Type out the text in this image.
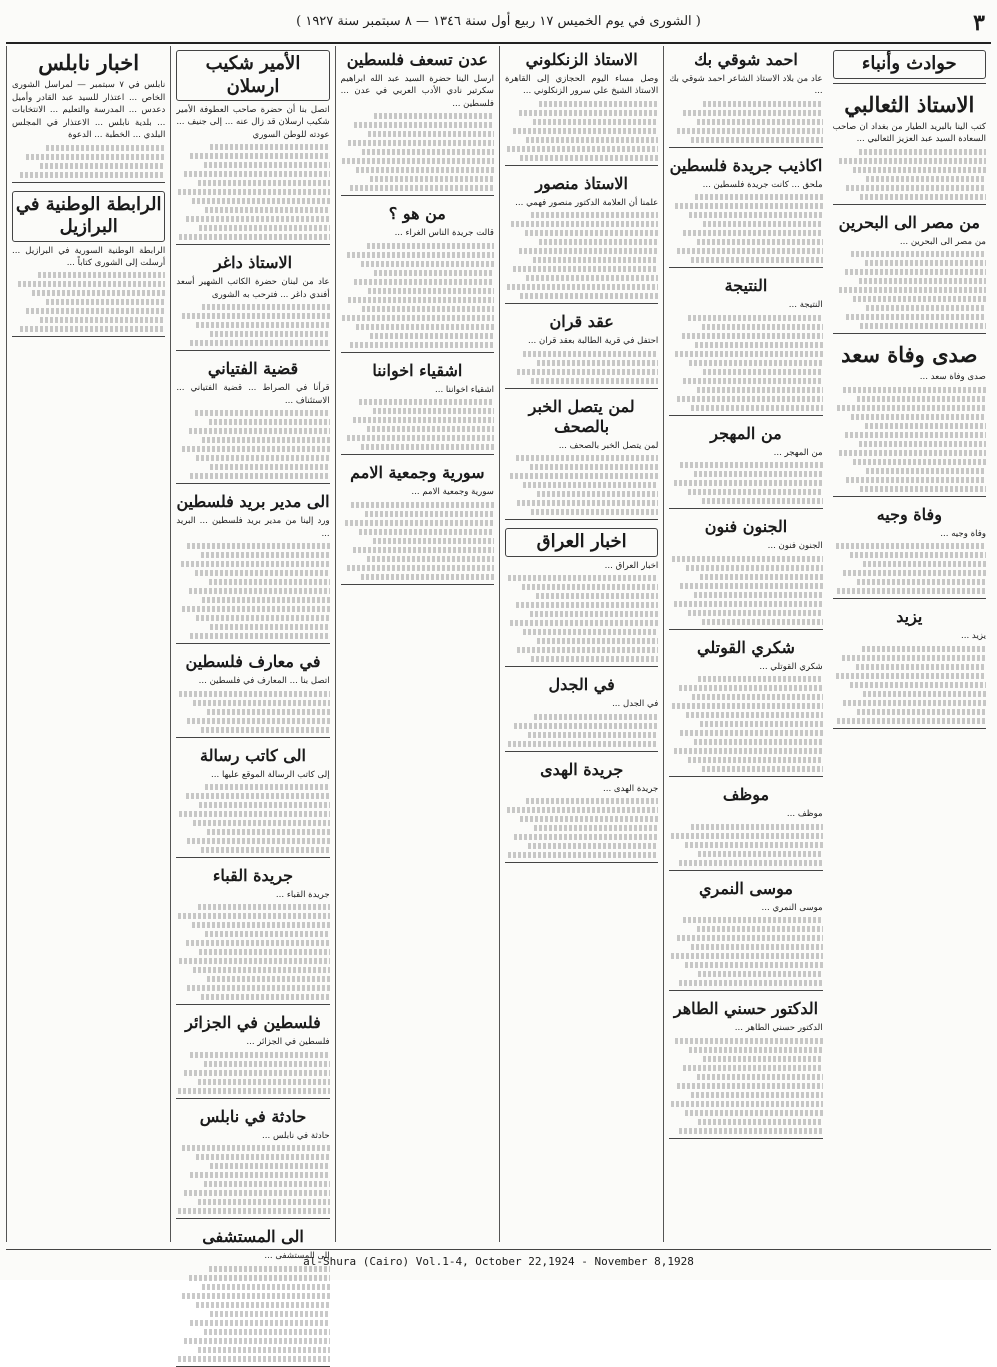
٣
( الشورى في يوم الخميس ١٧ ربيع أول سنة ١٣٤٦ — ٨ سبتمبر سنة ١٩٢٧ )
اخبار نابلس

نابلس في ٧ سبتمبر — لمراسل الشورى الخاص ... اعتذار للسيد عبد القادر وأميل دعدس ... المدرسة والتعليم ... الانتخابات ... بلدية نابلس ... الاعتذار في المجلس البلدي ... الخطبة ... الدعوة

الرابطة الوطنية في البرازيل

الرابطة الوطنية السورية في البرازيل ... أرسلت إلى الشورى كتاباً ...

الأمير شكيب ارسلان

اتصل بنا أن حضرة صاحب العطوفة الأمير شكيب ارسلان قد زال عنه ... إلى جنيف ... عودته للوطن السوري

الاستاذ داغر

عاد من لبنان حضرة الكاتب الشهير أسعد أفندي داغر ... فترحب به الشورى

قضية الفتياني

قرأنا في الصراط ... قضية الفتياني ... الاستئناف ...

الى مدير بريد فلسطين

ورد إلينا من مدير بريد فلسطين ... البريد ...

في معارف فلسطين

اتصل بنا ... المعارف في فلسطين ...

الى كاتب رسالة

إلى كاتب الرسالة الموقع عليها ...

جريدة القباء

جريدة القباء ...

فلسطين في الجزائر

فلسطين في الجزائر ...

حادثة في نابلس

حادثة في نابلس ...

الى المستشفى

إلى المستشفى ...

عدن تسعف فلسطين

ارسل الينا حضرة السيد عبد الله ابراهيم سكرتير نادي الأدب العربي في عدن ... فلسطين ...

من هو ؟

قالت جريدة الناس الغراء ...

اشقياء اخواننا

اشقياء اخواننا ...

سورية وجمعية الامم

سورية وجمعية الامم ...

الاستاذ الزنكلوني

وصل مساء اليوم الحجازي إلى القاهرة الاستاذ الشيخ علي سرور الزنكلوني ...

الاستاذ منصور

علمنا أن العلامة الدكتور منصور فهمي ...

عقد قران

احتفل في قرية الطالبة بعقد قران ...

لمن يتصل الخبر بالصحف

لمن يتصل الخبر بالصحف ...

اخبار العراق

اخبار العراق ...

في الجدل

في الجدل ...

جريدة الهدى

جريدة الهدى ...

احمد شوقي بك

عاد من بلاد الاستاذ الشاعر احمد شوقي بك ...

اكاذيب جريدة فلسطين

ملحق ... كانت جريدة فلسطين ...

النتيجة

النتيجة ...

من المهجر

من المهجر ...

الجنون فنون

الجنون فنون ...

شكري القوتلي

شكري القوتلي ...

موظف

موظف ...

موسى النمري

موسى النمري ...

الدكتور حسني الطاهر

الدكتور حسني الطاهر ...

حوادث وأنباء
الاستاذ الثعالبي

كتب الينا بالبريد الطيار من بغداد ان صاحب السعادة السيد عبد العزيز الثعالبي ...

من مصر الى البحرين

من مصر الى البحرين ...

صدى وفاة سعد

صدى وفاة سعد ...

وفاة وجيه

وفاة وجيه ...

يزيد

يزيد ...

al-Shura (Cairo) Vol.1-4, October 22,1924 - November 8,1928
